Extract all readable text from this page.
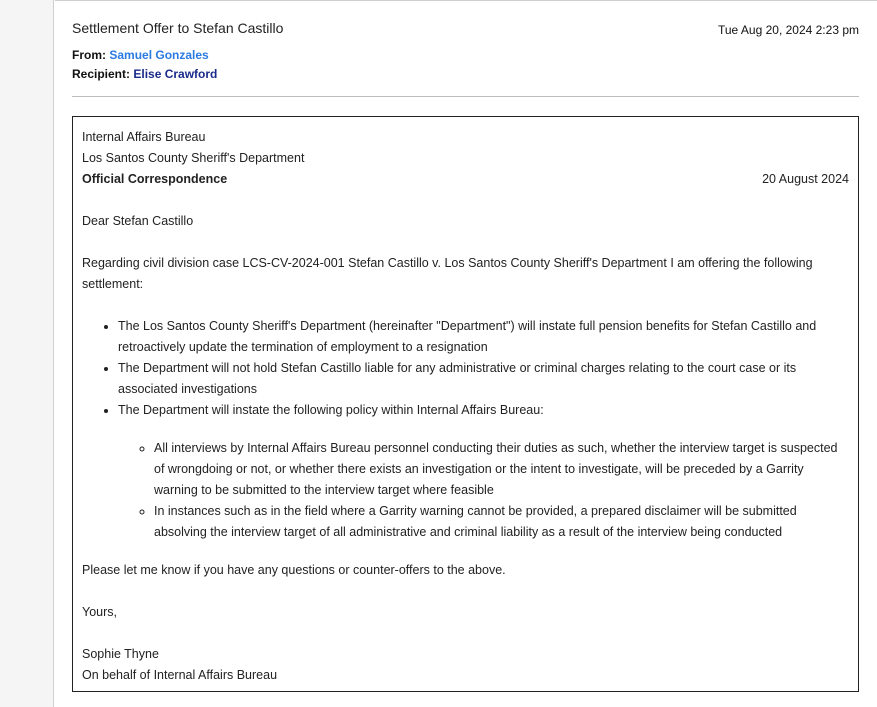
Settlement Offer to Stefan Castillo	Tue Aug 20, 2024 2:23 pm
From: Samuel Gonzales
Recipient: Elise Crawford

Internal Affairs Bureau

Los Santos County Sheriff's Department

Official Correspondence	20 August 2024

Dear Stefan Castillo

Regarding civil division case LCS-CV-2024-001 Stefan Castillo v. Los Santos County Sheriff's Department I am offering the following settlement:

• The Los Santos County Sheriff's Department (hereinafter "Department") will instate full pension benefits for Stefan Castillo and retroactively update the termination of employment to a resignation
• The Department will not hold Stefan Castillo liable for any administrative or criminal charges relating to the court case or its associated investigations
• The Department will instate the following policy within Internal Affairs Bureau:
◦ All interviews by Internal Affairs Bureau personnel conducting their duties as such, whether the interview target is suspected of wrongdoing or not, or whether there exists an investigation or the intent to investigate, will be preceded by a Garrity warning to be submitted to the interview target where feasible
◦ In instances such as in the field where a Garrity warning cannot be provided, a prepared disclaimer will be submitted absolving the interview target of all administrative and criminal liability as a result of the interview being conducted

Please let me know if you have any questions or counter-offers to the above.

Yours,

Sophie Thyne

On behalf of Internal Affairs Bureau
